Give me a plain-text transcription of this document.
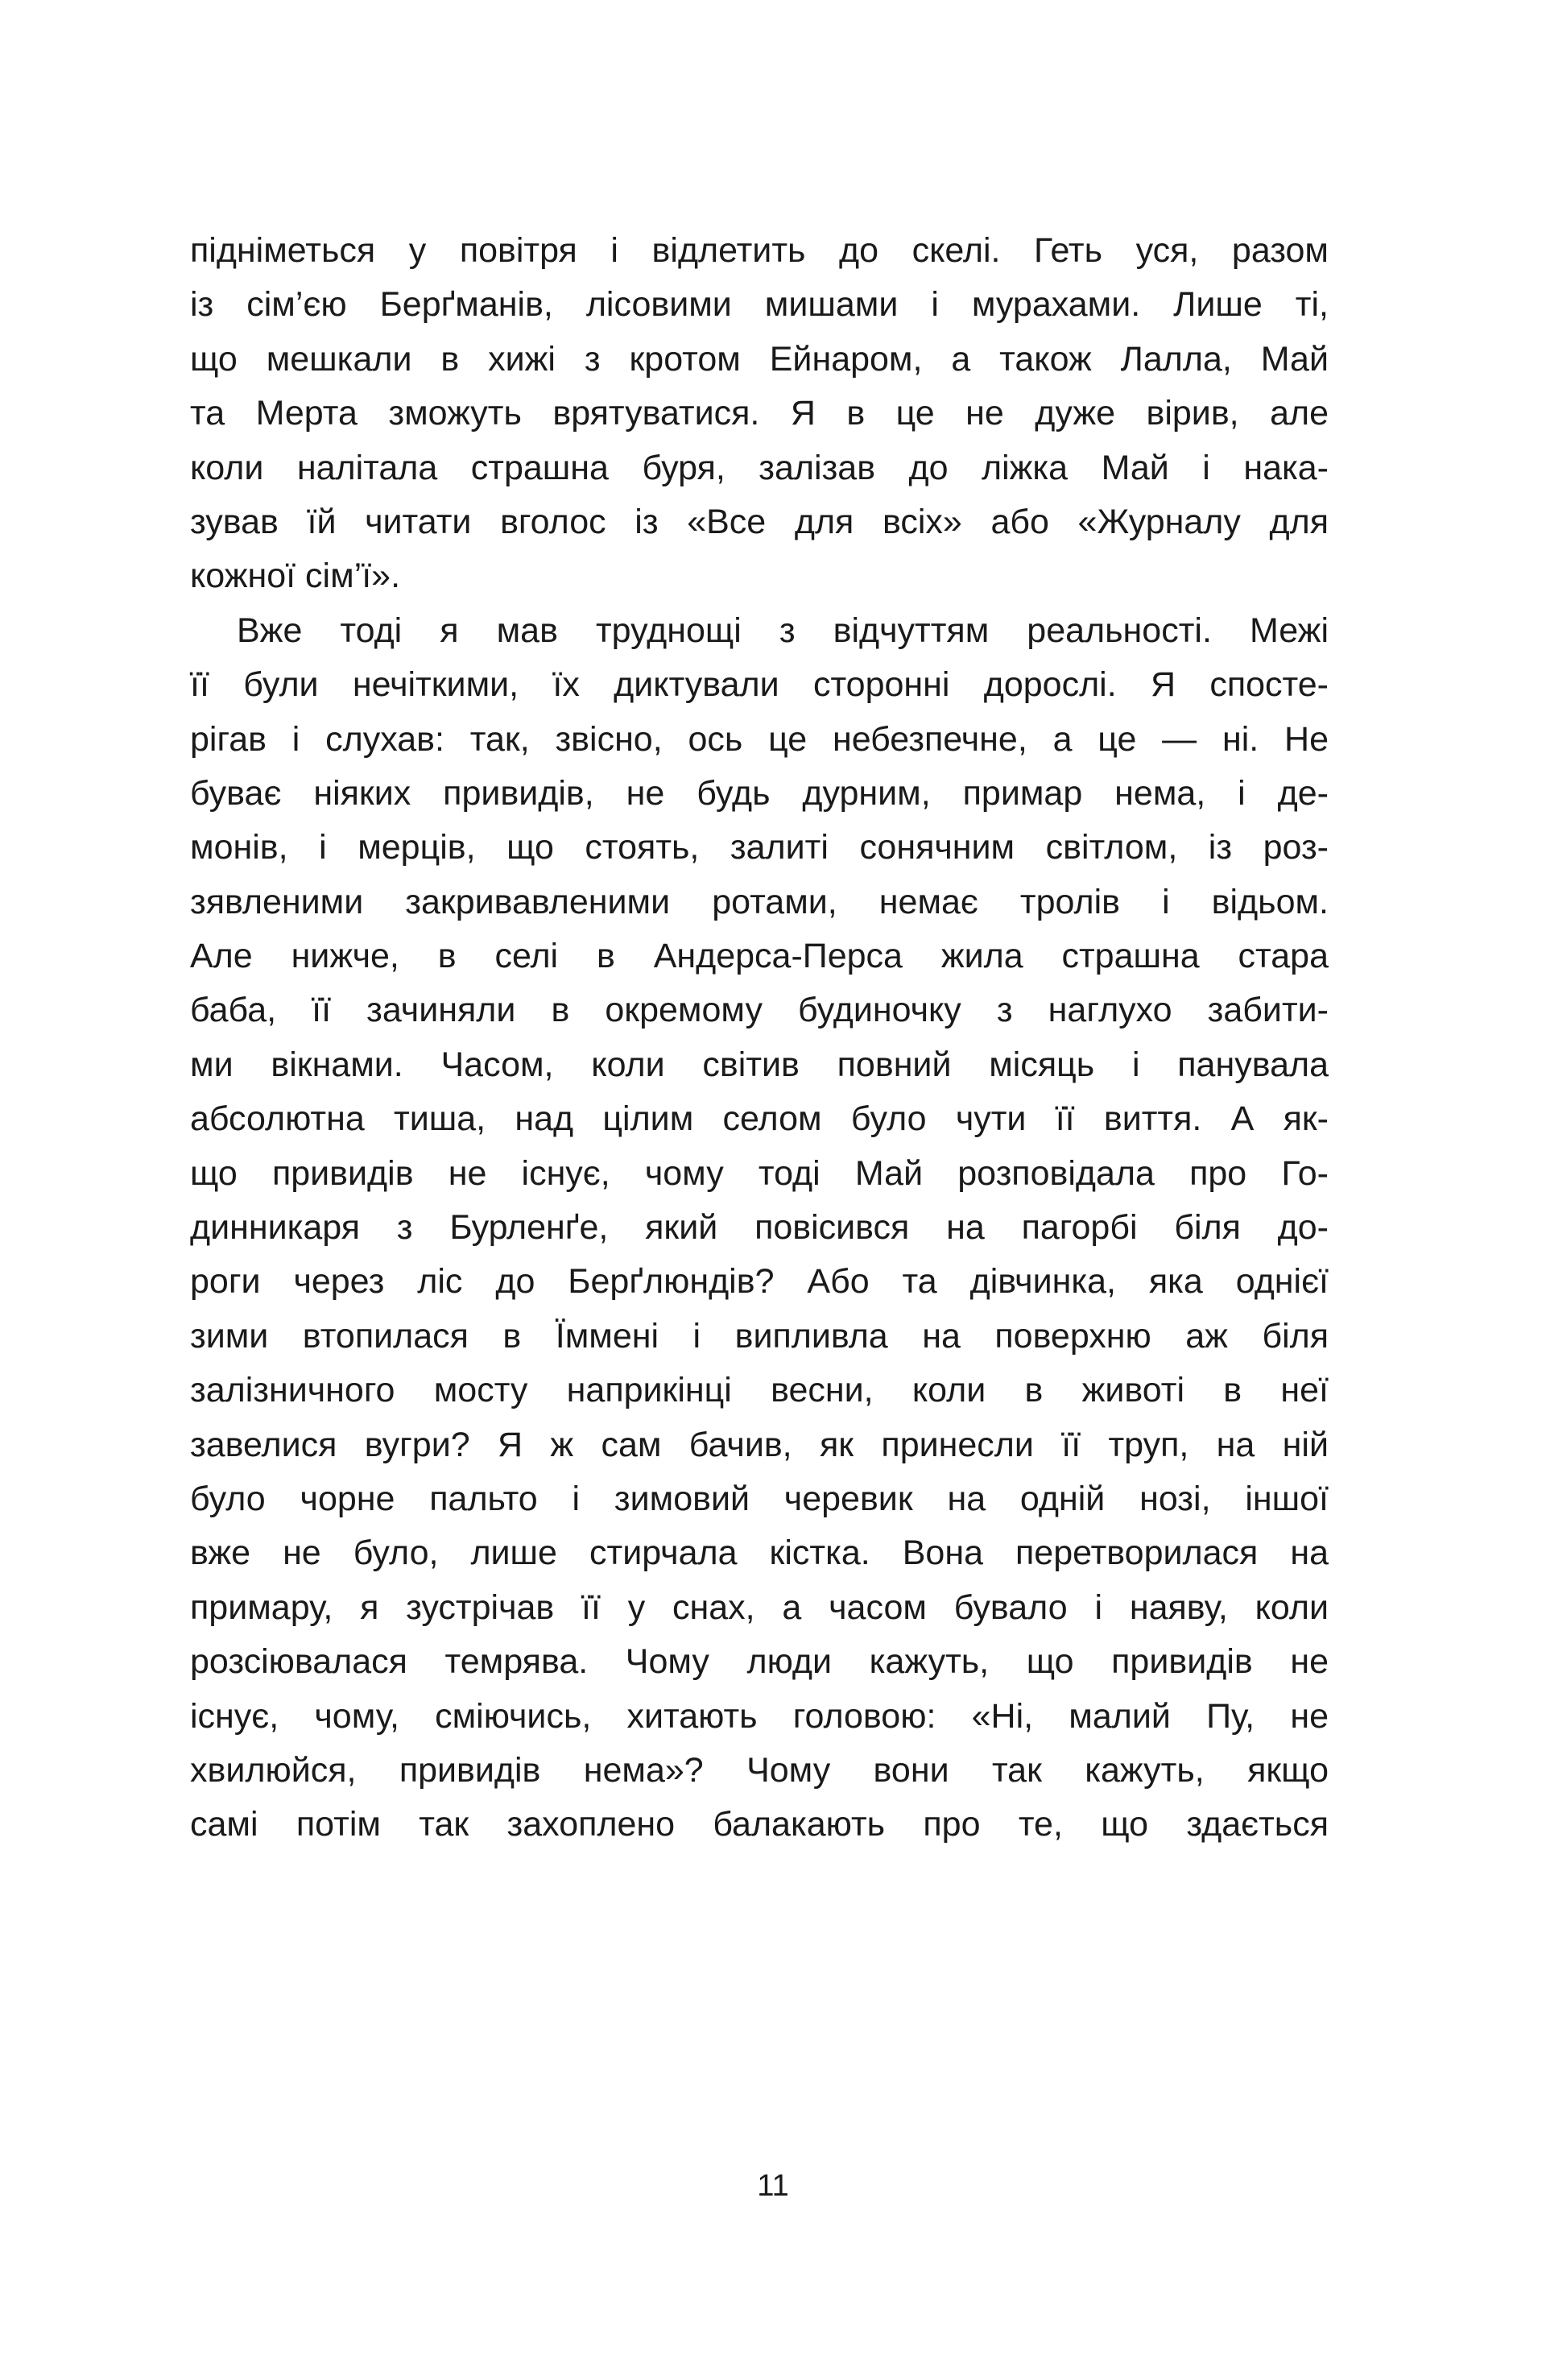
підніметься у повітря і відлетить до скелі. Геть уся, разом
із сім’єю Берґманів, лісовими мишами і мурахами. Лише ті,
що мешкали в хижі з кротом Ейнаром, а також Лалла, Май
та Мерта зможуть врятуватися. Я в це не дуже вірив, але
коли налітала страшна буря, залізав до ліжка Май і нака-
зував їй читати вголос із «Все для всіх» або «Журналу для
кожної сім’ї».
Вже тоді я мав труднощі з відчуттям реальності. Межі
її були нечіткими, їх диктували сторонні дорослі. Я спосте-
рігав і слухав: так, звісно, ось це небезпечне, а це — ні. Не
буває ніяких привидів, не будь дурним, примар нема, і де-
монів, і мерців, що стоять, залиті сонячним світлом, із роз-
зявленими закривавленими ротами, немає тролів і відьом.
Але нижче, в селі в Андерса-Перса жила страшна стара
баба, її зачиняли в окремому будиночку з наглухо забити-
ми вікнами. Часом, коли світив повний місяць і панувала
абсолютна тиша, над цілим селом було чути її виття. А як-
що привидів не існує, чому тоді Май розповідала про Го-
динникаря з Бурленґе, який повісився на пагорбі біля до-
роги через ліс до Берґлюндів? Або та дівчинка, яка однієї
зими втопилася в Їммені і випливла на поверхню аж біля
залізничного мосту наприкінці весни, коли в животі в неї
завелися вугри? Я ж сам бачив, як принесли її труп, на ній
було чорне пальто і зимовий черевик на одній нозі, іншої
вже не було, лише стирчала кістка. Вона перетворилася на
примару, я зустрічав її у снах, а часом бувало і наяву, коли
розсіювалася темрява. Чому люди кажуть, що привидів не
існує, чому, сміючись, хитають головою: «Ні, малий Пу, не
хвилюйся, привидів нема»? Чому вони так кажуть, якщо
самі потім так захоплено балакають про те, що здається
11
